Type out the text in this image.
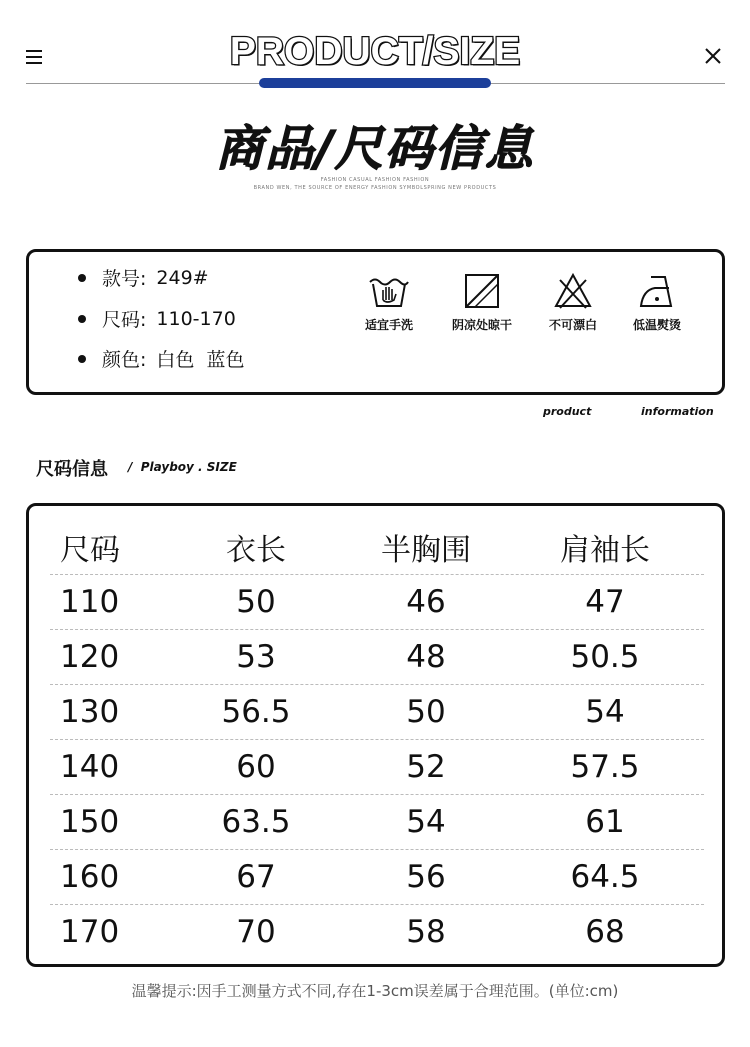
PRODUCT/SIZE
商品/尺码信息
FASHION CASUAL FASHION FASHION
BRAND WEN, THE SOURCE OF ENERGY FASHION SYMBOLSPRING NEW PRODUCTS
款号: 249#
尺码: 110-170
颜色: 白色  蓝色
适宜手洗	阴凉处晾干	不可漂白	低温熨烫
product	information
尺码信息 /  Playboy . SIZE
尺码	衣长	半胸围	肩袖长
110	50	46	47
120	53	48	50.5
130	56.5	50	54
140	60	52	57.5
150	63.5	54	61
160	67	56	64.5
170	70	58	68
温馨提示:因手工测量方式不同,存在1-3cm误差属于合理范围。(单位:cm)
